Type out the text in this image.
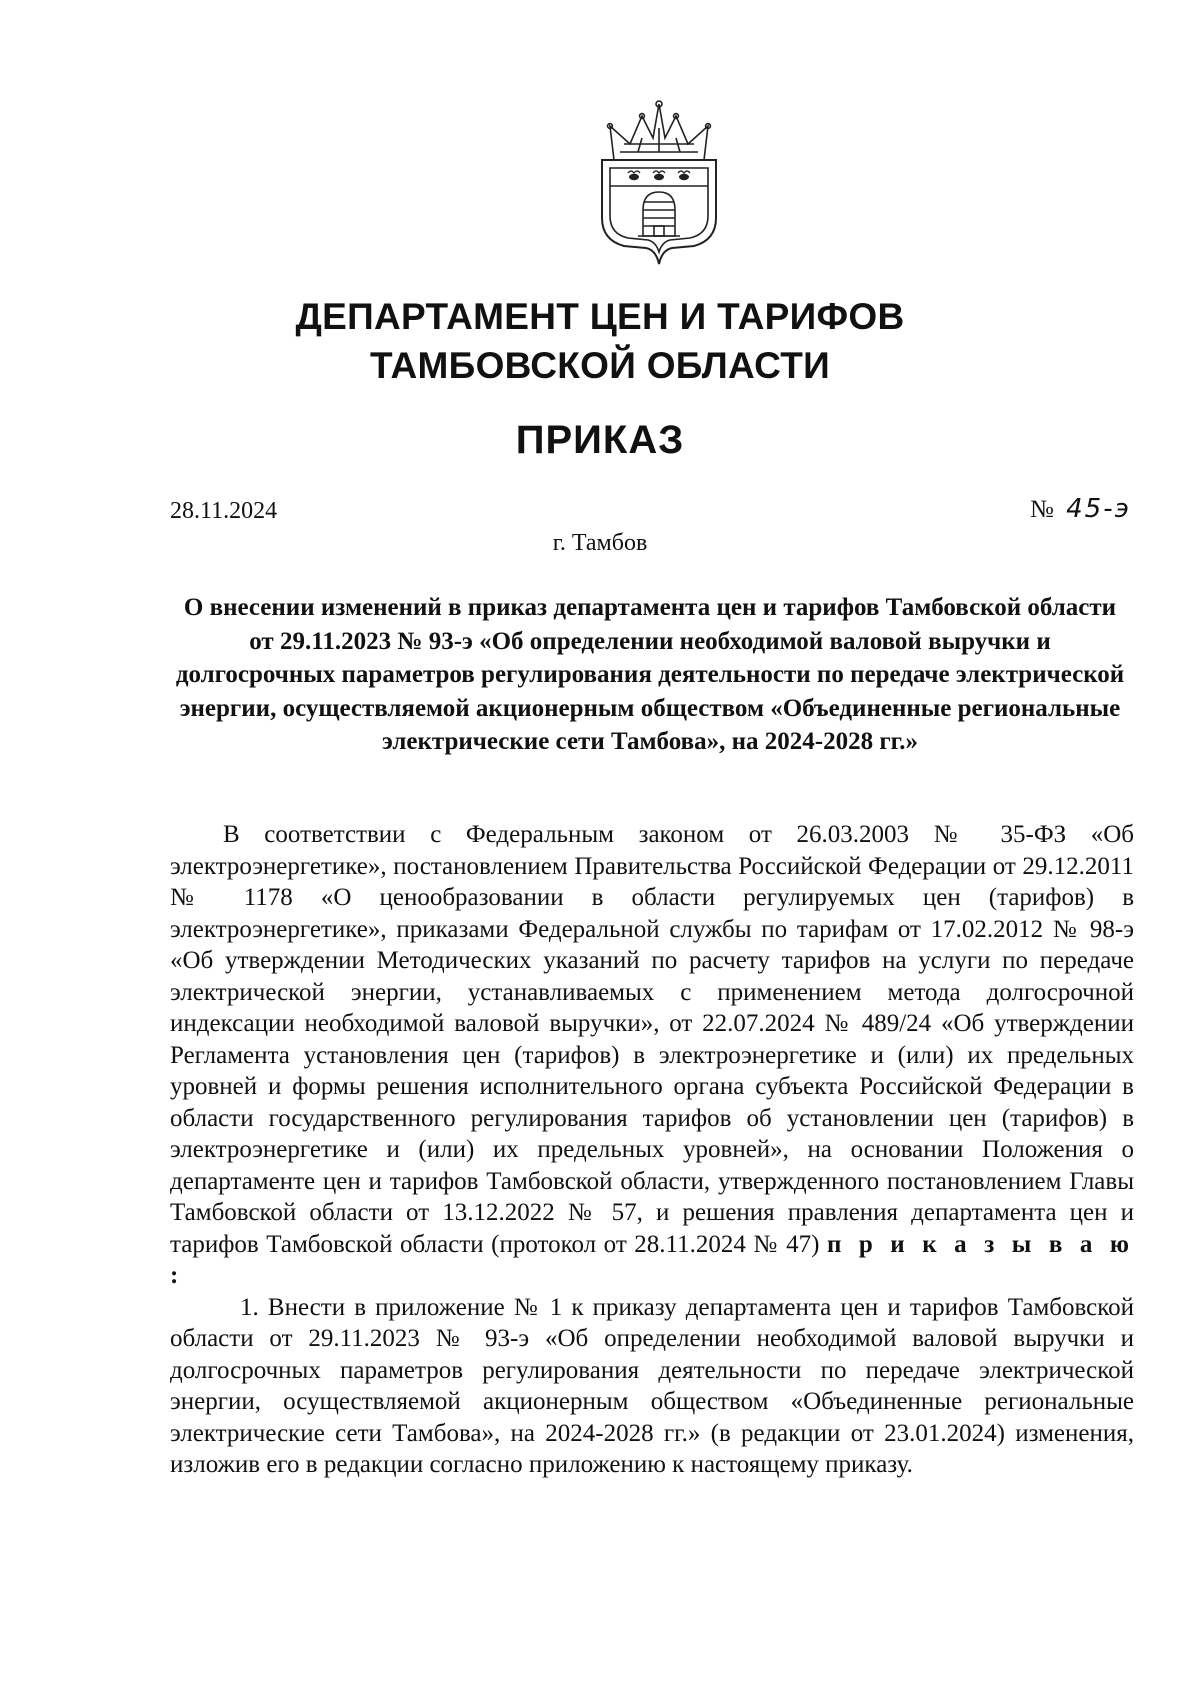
ДЕПАРТАМЕНТ ЦЕН И ТАРИФОВ
ТАМБОВСКОЙ ОБЛАСТИ
ПРИКАЗ
28.11.2024	№ 45-э
г. Тамбов
О внесении изменений в приказ департамента цен и тарифов Тамбовской области от 29.11.2023 № 93-э «Об определении необходимой валовой выручки и долгосрочных параметров регулирования деятельности по передаче электрической энергии, осуществляемой акционерным обществом «Объединенные региональные электрические сети Тамбова», на 2024-2028 гг.»

В соответствии с Федеральным законом от 26.03.2003 № 35-ФЗ «Об электроэнергетике», постановлением Правительства Российской Федерации от 29.12.2011 № 1178 «О ценообразовании в области регулируемых цен (тарифов) в электроэнергетике», приказами Федеральной службы по тарифам от 17.02.2012 № 98-э «Об утверждении Методических указаний по расчету тарифов на услуги по передаче электрической энергии, устанавливаемых с применением метода долгосрочной индексации необходимой валовой выручки», от 22.07.2024 № 489/24 «Об утверждении Регламента установления цен (тарифов) в электроэнергетике и (или) их предельных уровней и формы решения исполнительного органа субъекта Российской Федерации в области государственного регулирования тарифов об установлении цен (тарифов) в электроэнергетике и (или) их предельных уровней», на основании Положения о департаменте цен и тарифов Тамбовской области, утвержденного постановлением Главы Тамбовской области от 13.12.2022 № 57, и решения правления департамента цен и тарифов Тамбовской области (протокол от 28.11.2024 № 47) п р и к а з ы в а ю :

1. Внести в приложение № 1 к приказу департамента цен и тарифов Тамбовской области от 29.11.2023 № 93-э «Об определении необходимой валовой выручки и долгосрочных параметров регулирования деятельности по передаче электрической энергии, осуществляемой акционерным обществом «Объединенные региональные электрические сети Тамбова», на 2024-2028 гг.» (в редакции от 23.01.2024) изменения, изложив его в редакции согласно приложению к настоящему приказу.
